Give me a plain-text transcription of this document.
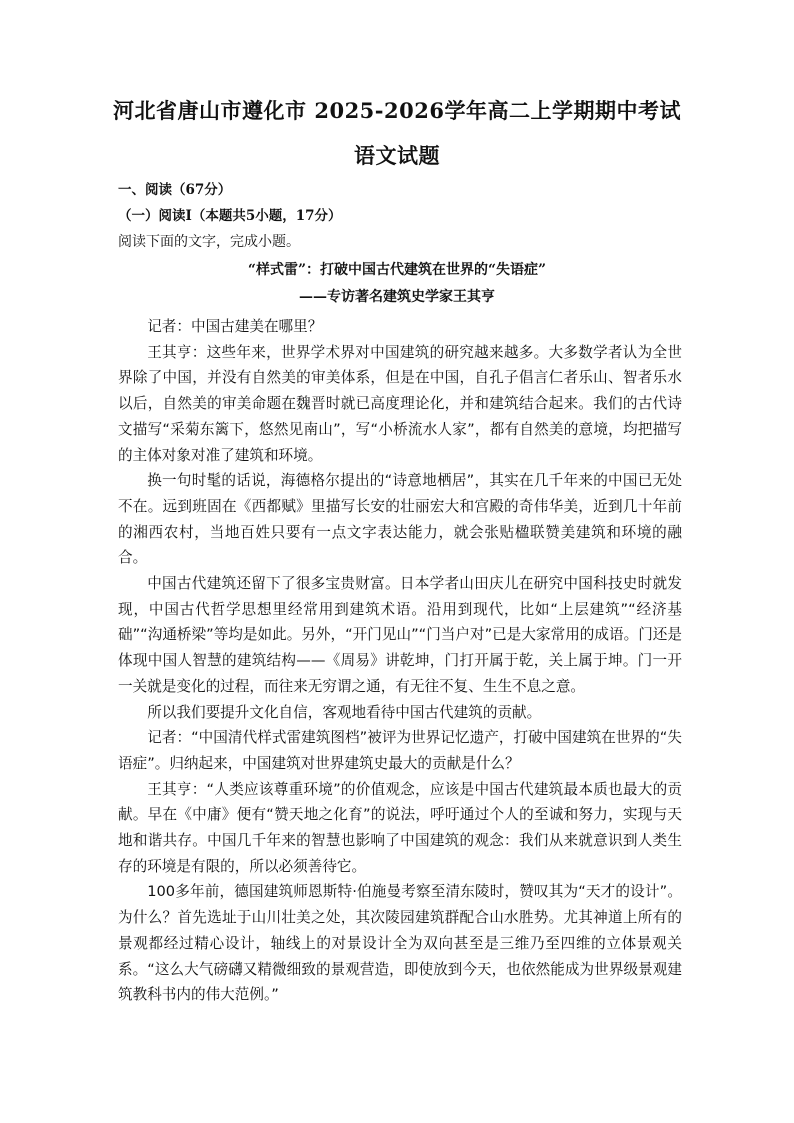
河北省唐山市遵化市 2025-2026学年高二上学期期中考试
语文试题
一、阅读（67分）
（一）阅读Ⅰ（本题共5小题，17分）
阅读下面的文字，完成小题。
“样式雷”：打破中国古代建筑在世界的“失语症”
——专访著名建筑史学家王其亨

记者：中国古建美在哪里？

王其亨：这些年来，世界学术界对中国建筑的研究越来越多。大多数学者认为全世界除了中国，并没有自然美的审美体系，但是在中国，自孔子倡言仁者乐山、智者乐水以后，自然美的审美命题在魏晋时就已高度理论化，并和建筑结合起来。我们的古代诗文描写“采菊东篱下，悠然见南山”，写“小桥流水人家”，都有自然美的意境，均把描写的主体对象对准了建筑和环境。

换一句时髦的话说，海德格尔提出的“诗意地栖居”，其实在几千年来的中国已无处不在。远到班固在《西都赋》里描写长安的壮丽宏大和宫殿的奇伟华美，近到几十年前的湘西农村，当地百姓只要有一点文字表达能力，就会张贴楹联赞美建筑和环境的融合。

中国古代建筑还留下了很多宝贵财富。日本学者山田庆儿在研究中国科技史时就发现，中国古代哲学思想里经常用到建筑术语。沿用到现代，比如“上层建筑”“经济基础”“沟通桥梁”等均是如此。另外，“开门见山”“门当户对”已是大家常用的成语。门还是体现中国人智慧的建筑结构——《周易》讲乾坤，门打开属于乾，关上属于坤。门一开一关就是变化的过程，而往来无穷谓之通，有无往不复、生生不息之意。

所以我们要提升文化自信，客观地看待中国古代建筑的贡献。

记者：“中国清代样式雷建筑图档”被评为世界记忆遗产，打破中国建筑在世界的“失语症”。归纳起来，中国建筑对世界建筑史最大的贡献是什么？

王其亨：“人类应该尊重环境”的价值观念，应该是中国古代建筑最本质也最大的贡献。早在《中庸》便有“赞天地之化育”的说法，呼吁通过个人的至诚和努力，实现与天地和谐共存。中国几千年来的智慧也影响了中国建筑的观念：我们从来就意识到人类生存的环境是有限的，所以必须善待它。

100多年前，德国建筑师恩斯特·伯施曼考察至清东陵时，赞叹其为“天才的设计”。为什么？首先选址于山川壮美之处，其次陵园建筑群配合山水胜势。尤其神道上所有的景观都经过精心设计，轴线上的对景设计全为双向甚至是三维乃至四维的立体景观关系。“这么大气磅礴又精微细致的景观营造，即使放到今天，也依然能成为世界级景观建筑教科书内的伟大范例。”
